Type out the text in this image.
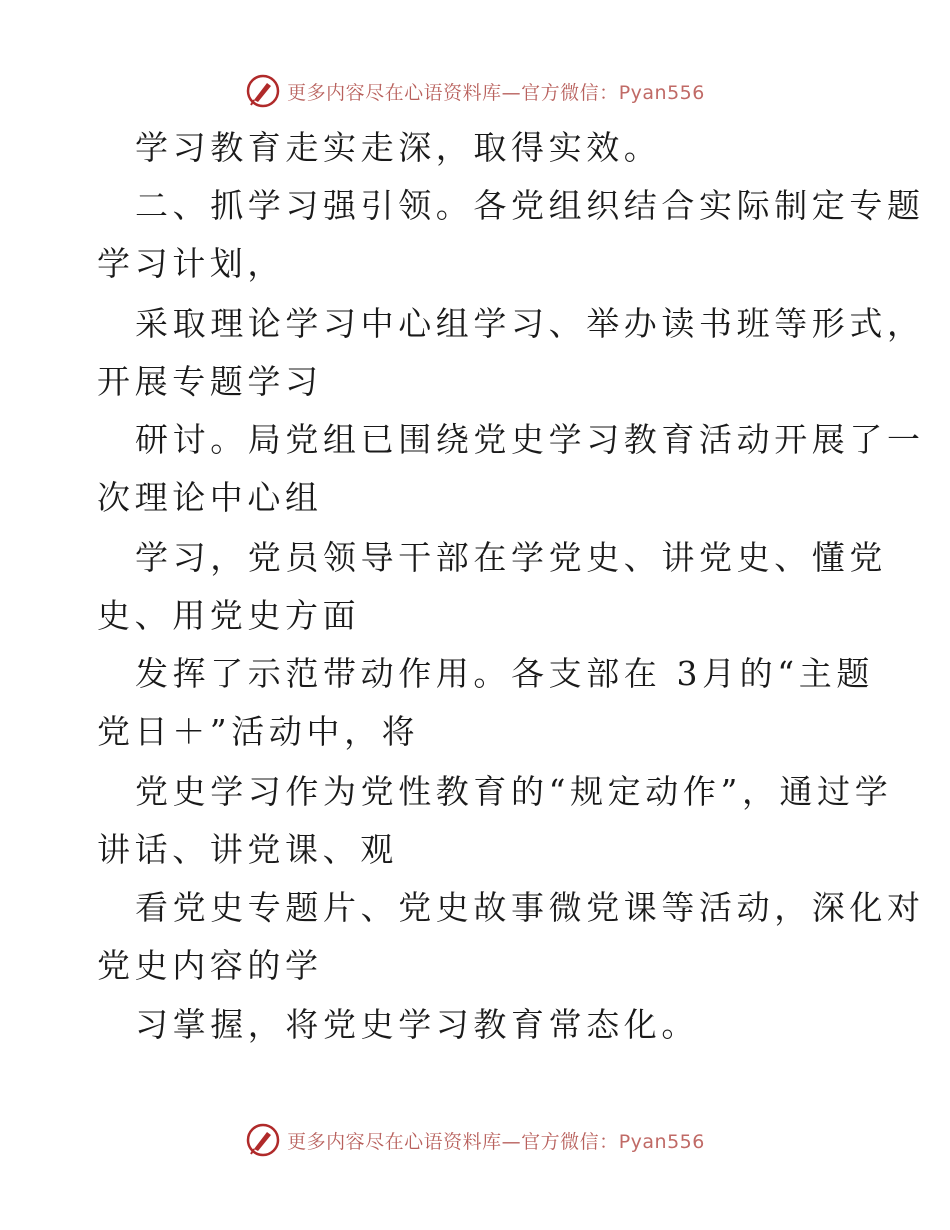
更多内容尽在心语资料库—官方微信：Pyan556
学习教育走实走深，取得实效。
二、抓学习强引领。各党组织结合实际制定专题
学习计划，
采取理论学习中心组学习、举办读书班等形式，
开展专题学习
研讨。局党组已围绕党史学习教育活动开展了一
次理论中心组
学习，党员领导干部在学党史、讲党史、懂党
史、用党史方面
发挥了示范带动作用。各支部在 3月的“主题
党日＋”活动中，将
党史学习作为党性教育的“规定动作”，通过学
讲话、讲党课、观
看党史专题片、党史故事微党课等活动，深化对
党史内容的学
习掌握，将党史学习教育常态化。
更多内容尽在心语资料库—官方微信：Pyan556
